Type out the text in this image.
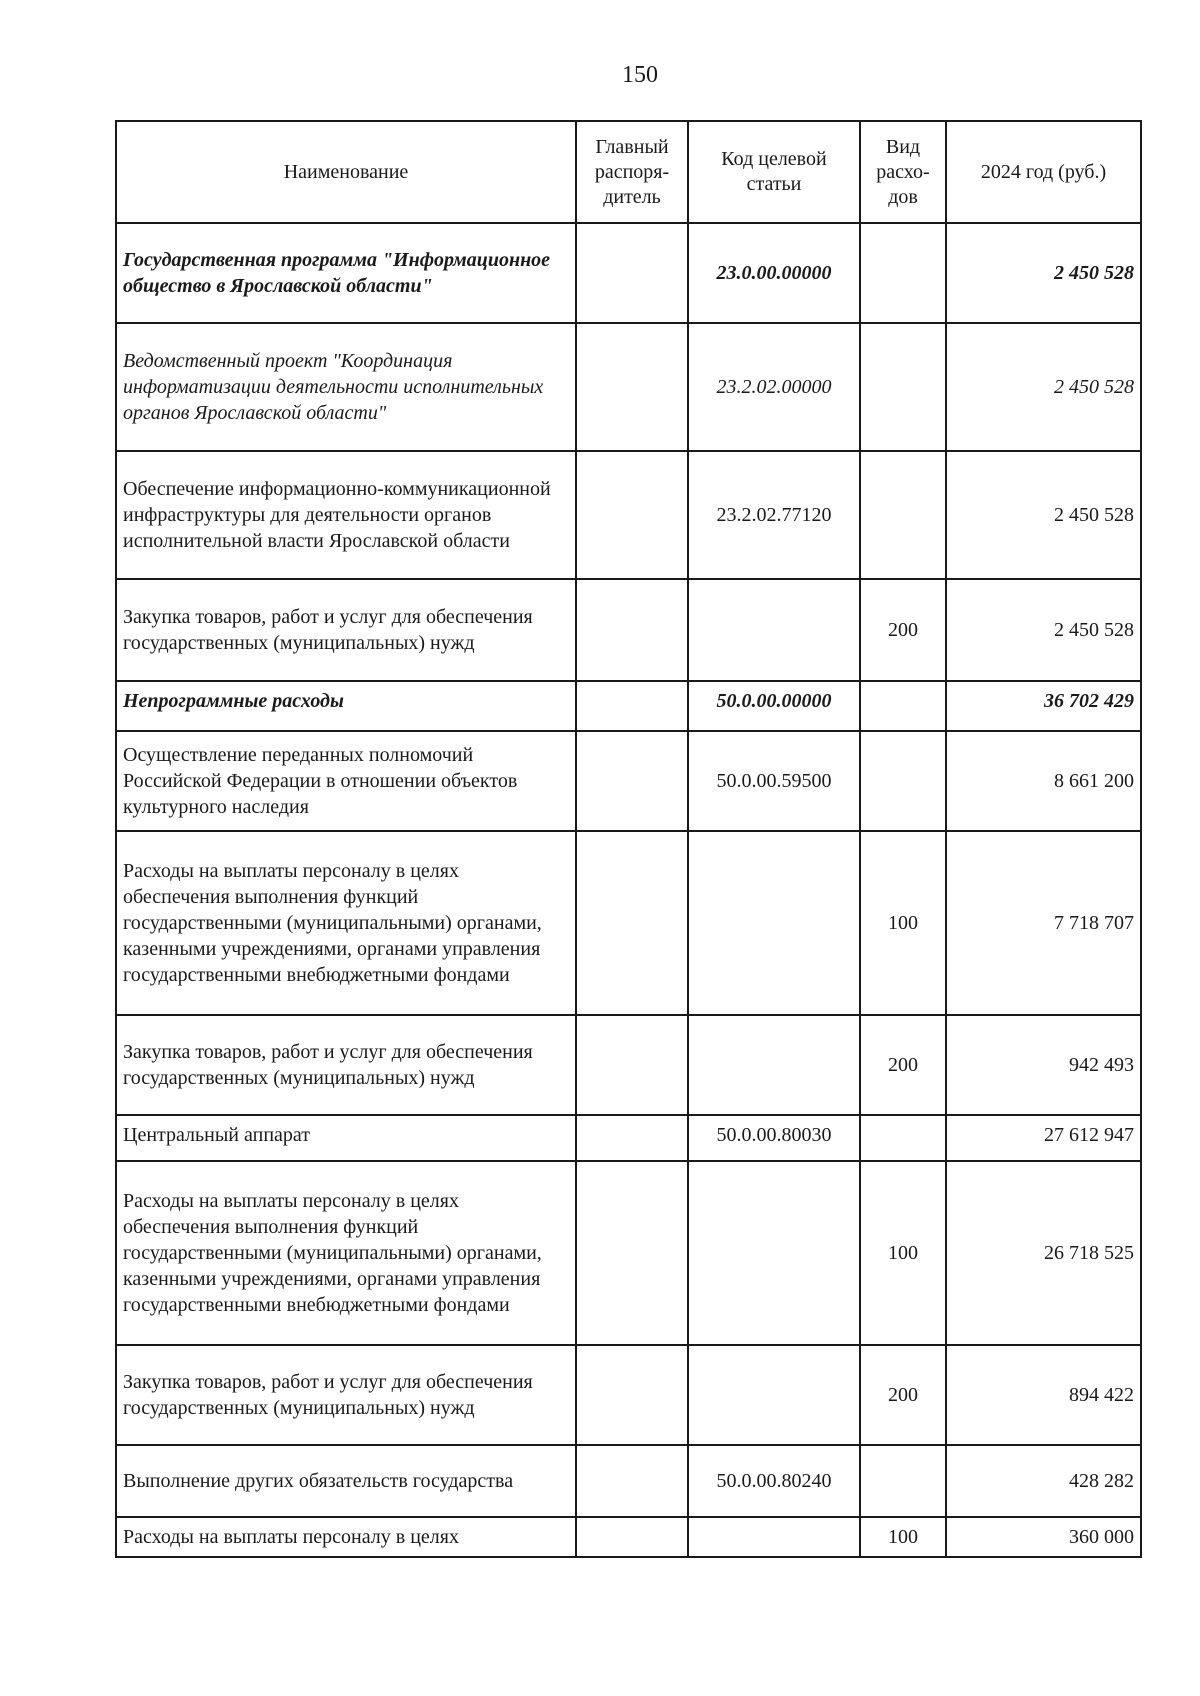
150
Наименование	Главный распоря-дитель	Код целевой статьи	Вид расхо-дов	2024 год (руб.)
Государственная программа "Информационное общество в Ярославской области"		23.0.00.00000		2 450 528
Ведомственный проект "Координация информатизации деятельности исполнительных органов Ярославской области"		23.2.02.00000		2 450 528
Обеспечение информационно-коммуникационной инфраструктуры для деятельности органов исполнительной власти Ярославской области		23.2.02.77120		2 450 528
Закупка товаров, работ и услуг для обеспечения государственных (муниципальных) нужд			200	2 450 528
Непрограммные расходы		50.0.00.00000		36 702 429
Осуществление переданных полномочий Российской Федерации в отношении объектов культурного наследия		50.0.00.59500		8 661 200
Расходы на выплаты персоналу в целях обеспечения выполнения функций государственными (муниципальными) органами, казенными учреждениями, органами управления государственными внебюджетными фондами			100	7 718 707
Закупка товаров, работ и услуг для обеспечения государственных (муниципальных) нужд			200	942 493
Центральный аппарат		50.0.00.80030		27 612 947
Расходы на выплаты персоналу в целях обеспечения выполнения функций государственными (муниципальными) органами, казенными учреждениями, органами управления государственными внебюджетными фондами			100	26 718 525
Закупка товаров, работ и услуг для обеспечения государственных (муниципальных) нужд			200	894 422
Выполнение других обязательств государства		50.0.00.80240		428 282
Расходы на выплаты персоналу в целях			100	360 000
